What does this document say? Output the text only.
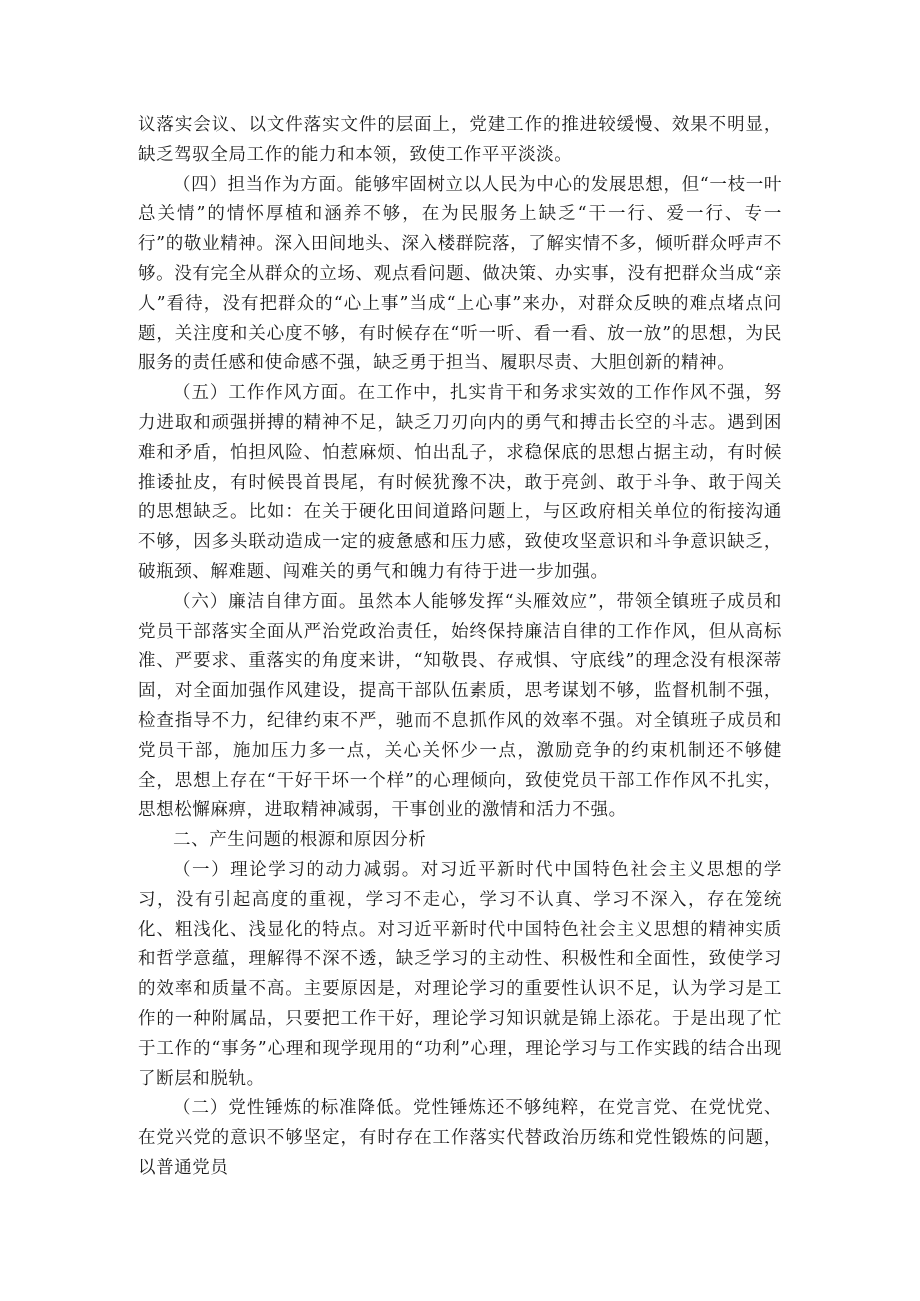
议落实会议、以文件落实文件的层面上，党建工作的推进较缓慢、效果不明显，缺乏驾驭全局工作的能力和本领，致使工作平平淡淡。

（四）担当作为方面。能够牢固树立以人民为中心的发展思想，但“一枝一叶总关情”的情怀厚植和涵养不够，在为民服务上缺乏“干一行、爱一行、专一行”的敬业精神。深入田间地头、深入楼群院落，了解实情不多，倾听群众呼声不够。没有完全从群众的立场、观点看问题、做决策、办实事，没有把群众当成“亲人”看待，没有把群众的“心上事”当成“上心事”来办，对群众反映的难点堵点问题，关注度和关心度不够，有时候存在“听一听、看一看、放一放”的思想，为民服务的责任感和使命感不强，缺乏勇于担当、履职尽责、大胆创新的精神。

（五）工作作风方面。在工作中，扎实肯干和务求实效的工作作风不强，努力进取和顽强拼搏的精神不足，缺乏刀刃向内的勇气和搏击长空的斗志。遇到困难和矛盾，怕担风险、怕惹麻烦、怕出乱子，求稳保底的思想占据主动，有时候推诿扯皮，有时候畏首畏尾，有时候犹豫不决，敢于亮剑、敢于斗争、敢于闯关的思想缺乏。比如：在关于硬化田间道路问题上，与区政府相关单位的衔接沟通不够，因多头联动造成一定的疲惫感和压力感，致使攻坚意识和斗争意识缺乏，破瓶颈、解难题、闯难关的勇气和魄力有待于进一步加强。

（六）廉洁自律方面。虽然本人能够发挥“头雁效应”，带领全镇班子成员和党员干部落实全面从严治党政治责任，始终保持廉洁自律的工作作风，但从高标准、严要求、重落实的角度来讲，“知敬畏、存戒惧、守底线”的理念没有根深蒂固，对全面加强作风建设，提高干部队伍素质，思考谋划不够，监督机制不强，检查指导不力，纪律约束不严，驰而不息抓作风的效率不强。对全镇班子成员和党员干部，施加压力多一点，关心关怀少一点，激励竞争的约束机制还不够健全，思想上存在“干好干坏一个样”的心理倾向，致使党员干部工作作风不扎实，思想松懈麻痹，进取精神减弱，干事创业的激情和活力不强。

二、产生问题的根源和原因分析

（一）理论学习的动力减弱。对习近平新时代中国特色社会主义思想的学习，没有引起高度的重视，学习不走心，学习不认真、学习不深入，存在笼统化、粗浅化、浅显化的特点。对习近平新时代中国特色社会主义思想的精神实质和哲学意蕴，理解得不深不透，缺乏学习的主动性、积极性和全面性，致使学习的效率和质量不高。主要原因是，对理论学习的重要性认识不足，认为学习是工作的一种附属品，只要把工作干好，理论学习知识就是锦上添花。于是出现了忙于工作的“事务”心理和现学现用的“功利”心理，理论学习与工作实践的结合出现了断层和脱轨。

（二）党性锤炼的标准降低。党性锤炼还不够纯粹，在党言党、在党忧党、在党兴党的意识不够坚定，有时存在工作落实代替政治历练和党性锻炼的问题，以普通党员
